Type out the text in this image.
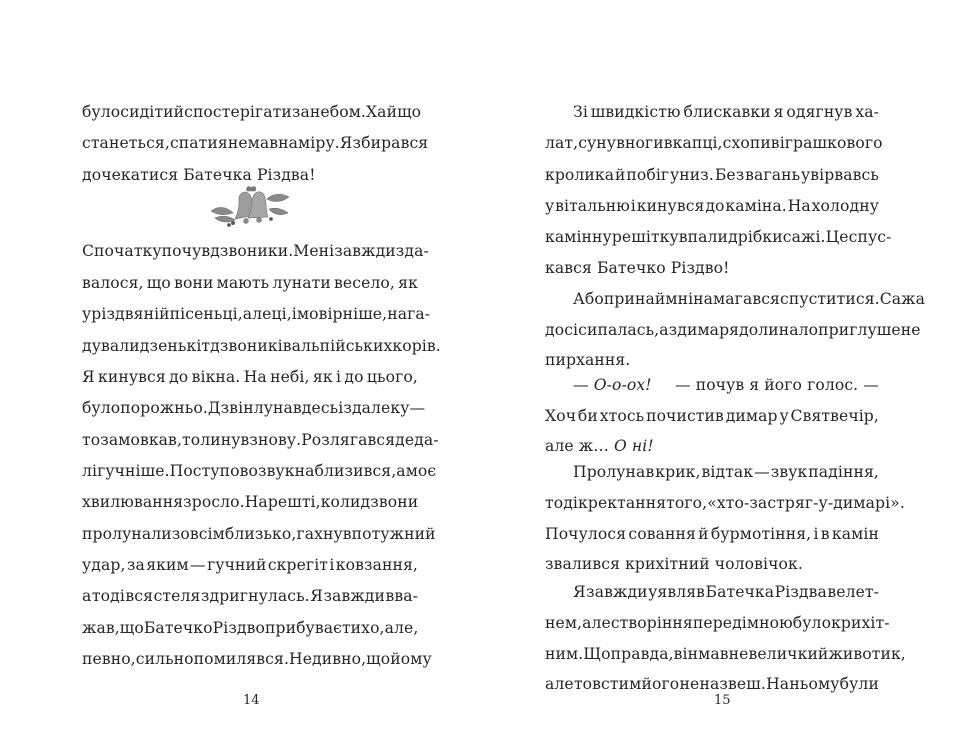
було сидіти й спостерігати за небом. Хай що
станеться, спати я не мав наміру. Я збирався
дочекатися Батечка Різдва!
Спочатку почув дзвоники. Мені завжди здa-
валося, що вони мають лунати весело, як
у різдвяній пісеньці, але ці, імовірніше, нага-
дували дзенькіт дзвоників альпійських корів.
Я кинувся до вікна. На небі, як і до цього,
було порожньо. Дзвін лунав десь іздалеку —
то замовкав, то линув знову. Розлягався деда-
лі гучніше. Поступово звук наблизився, а моє
хвилювання зросло. Нарешті, коли дзвони
пролунали зовсім близько, гахнув потужний
удар, за яким — гучний скрегіт і ковзання,
а тоді вся стеля здригнулась. Я завжди вва-
жав, що Батечко Різдво прибуває тихо, але,
певно, сильно помилявся. Не дивно, що йому
14
Зі швидкістю блискавки я одягнув ха-
лат, сунув ноги в капці, схопив іграшкового
кролика й побіг униз. Без вагань увірвавсь
у вітальню і кинувся до каміна. На холодну
камінну решітку впали дрібки сажі. Це спус-
кався Батечко Різдво!
Або принаймні намагався спуститися. Сажа
досі сипалась, а з димаря долинало приглушене
пирхання.
— О-о-ох! — почув я його голос. —
Хоч би хтось почистив димар у Святвечір,
але ж… О ні!
Пролунав крик, відтак — звук падіння,
тоді кректання того, «хто-застряг-у-димарі».
Почулося совання й бурмотіння, і в камін
звалився крихітний чоловічок.
Я завжди уявляв Батечка Різдва велет-
нем, але створіння переді мною було крихіт-
ним. Щоправда, він мав невеличкий животик,
але товстим його не назвеш. На ньому були
15
